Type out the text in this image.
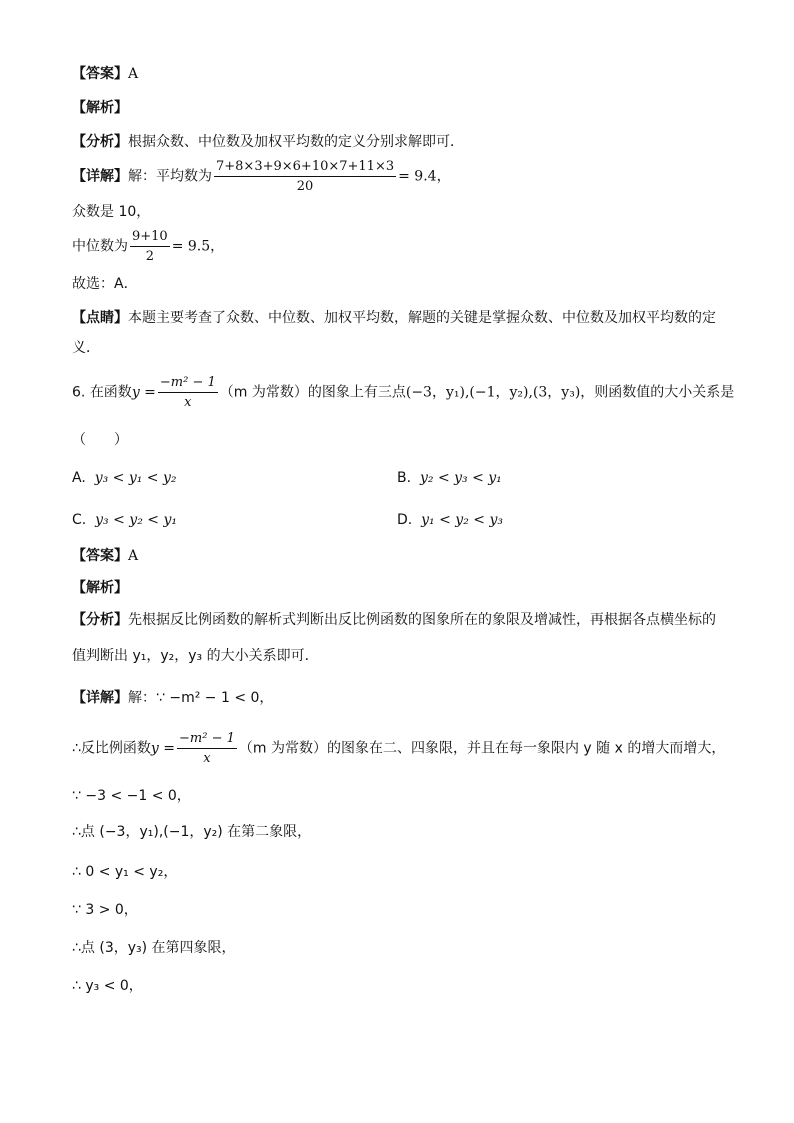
【答案】A
【解析】
【分析】根据众数、中位数及加权平均数的定义分别求解即可．
【详解】解：平均数为 $\frac{7+8\times 3+9\times 6+10\times 7+11\times 3}{20} = 9.4$，
众数是 10，
中位数为 $\frac{9+10}{2} = 9.5$，
故选：A．
【点睛】本题主要考查了众数、中位数、加权平均数，解题的关键是掌握众数、中位数及加权平均数的定
义．
6. 在函数$y = \frac{\text{−m² − 1}}{x} (m$ 为常数）的图象上有三点(−3，y₁),(−1，y₂),(3，y₃)，则函数值的大小关系是
（　　）
A. y₃ < y₁ < y₂	B. y₂ < y₃ < y₁
C. y₃ < y₂ < y₁	D. y₁ < y₂ < y₃
【答案】A
【解析】
【分析】先根据反比例函数的解析式判断出反比例函数的图象所在的象限及增减性，再根据各点横坐标的
值判断出 y₁，y₂，y₃ 的大小关系即可．
【详解】解：∵ −m² − 1 < 0，
∴反比例函数$y = \frac{\text{−m² − 1}}{x} (m$ 为常数）的图象在二、四象限，并且在每一象限内 y 随 x 的增大而增大，
∵ −3 < −1 < 0，
∴点 (−3，y₁),(−1，y₂) 在第二象限，
∴ 0 < y₁ < y₂，
∵ 3 > 0，
∴点 (3，y₃) 在第四象限，
∴ y₃ < 0，
